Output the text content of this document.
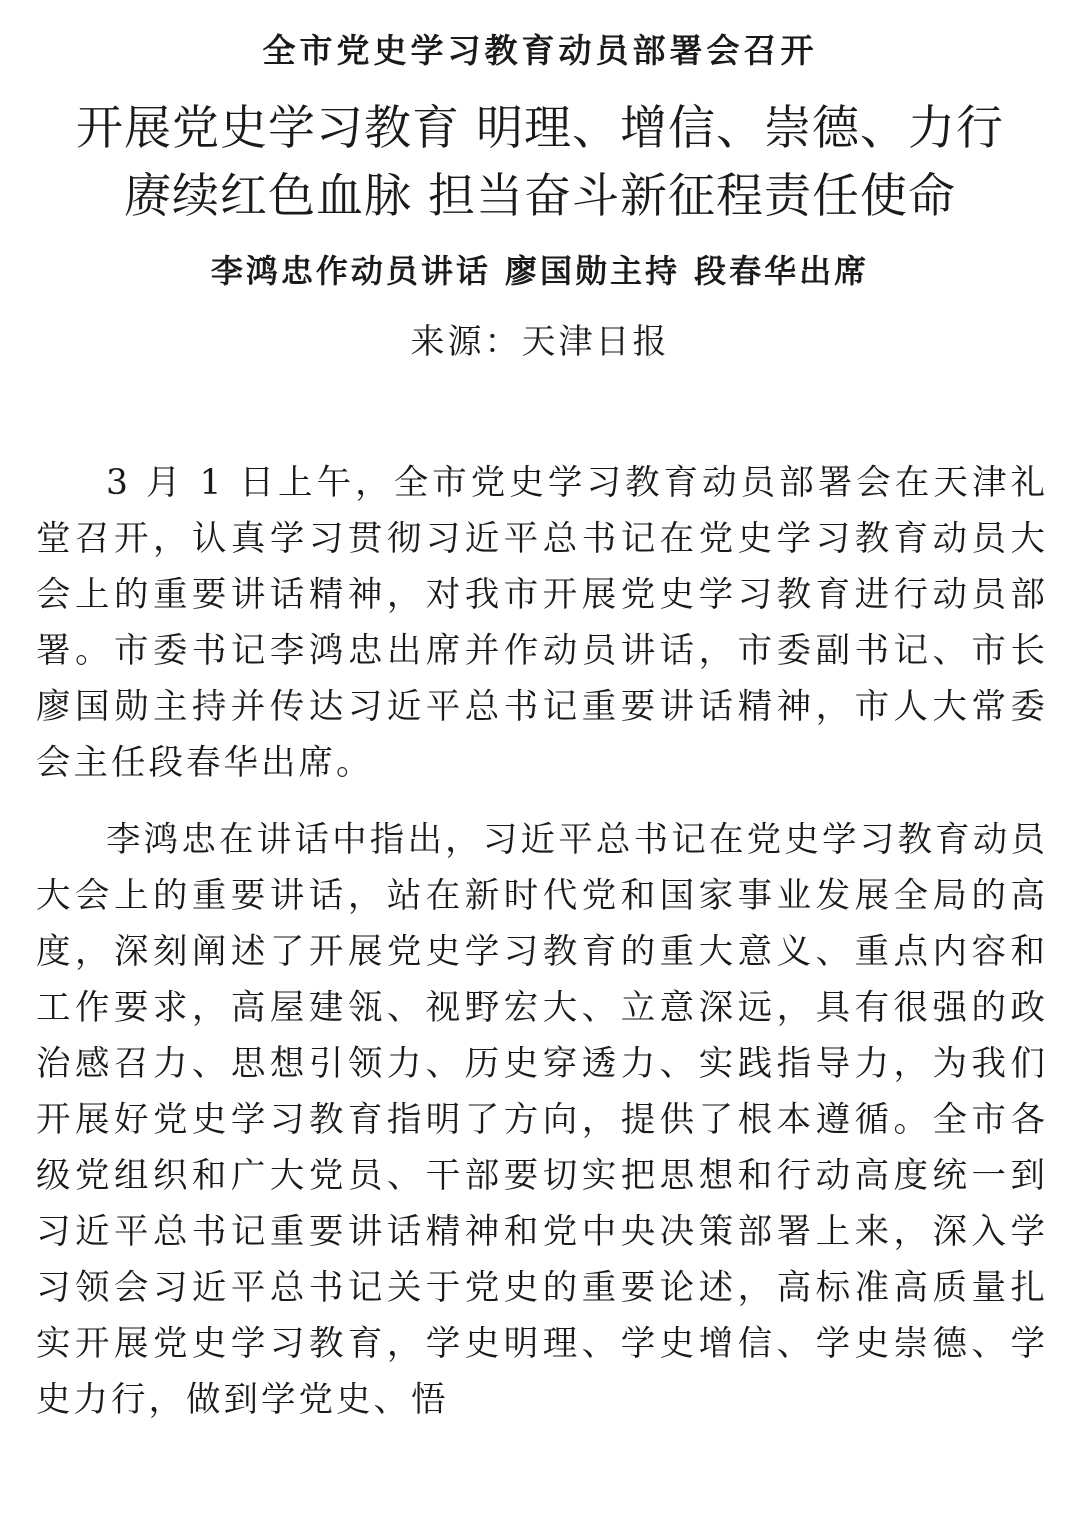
全市党史学习教育动员部署会召开
开展党史学习教育 明理、增信、崇德、力行
赓续红色血脉 担当奋斗新征程责任使命
李鸿忠作动员讲话 廖国勋主持 段春华出席
来源：天津日报

3 月 1 日上午，全市党史学习教育动员部署会在天津礼堂召开，认真学习贯彻习近平总书记在党史学习教育动员大会上的重要讲话精神，对我市开展党史学习教育进行动员部署。市委书记李鸿忠出席并作动员讲话，市委副书记、市长廖国勋主持并传达习近平总书记重要讲话精神，市人大常委会主任段春华出席。

李鸿忠在讲话中指出，习近平总书记在党史学习教育动员大会上的重要讲话，站在新时代党和国家事业发展全局的高度，深刻阐述了开展党史学习教育的重大意义、重点内容和工作要求，高屋建瓴、视野宏大、立意深远，具有很强的政治感召力、思想引领力、历史穿透力、实践指导力，为我们开展好党史学习教育指明了方向，提供了根本遵循。全市各级党组织和广大党员、干部要切实把思想和行动高度统一到习近平总书记重要讲话精神和党中央决策部署上来，深入学习领会习近平总书记关于党史的重要论述，高标准高质量扎实开展党史学习教育，学史明理、学史增信、学史崇德、学史力行，做到学党史、悟
